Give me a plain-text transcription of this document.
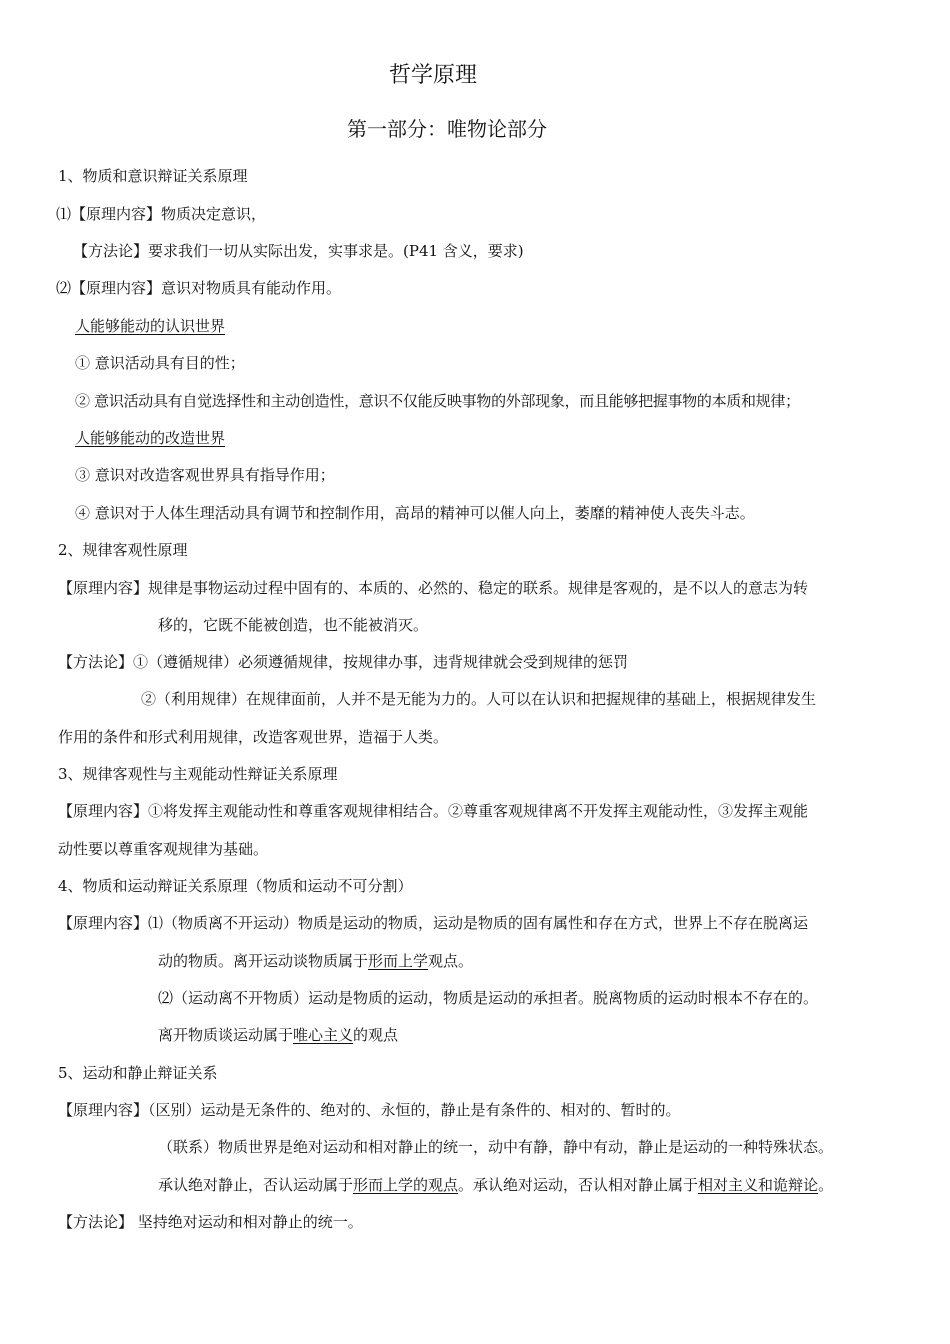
哲学原理
第一部分：唯物论部分
1、物质和意识辩证关系原理
⑴【原理内容】物质决定意识，
【方法论】要求我们一切从实际出发，实事求是。(P41 含义，要求)
⑵【原理内容】意识对物质具有能动作用。
人能够能动的认识世界
① 意识活动具有目的性；
② 意识活动具有自觉选择性和主动创造性，意识不仅能反映事物的外部现象，而且能够把握事物的本质和规律；
人能够能动的改造世界
③ 意识对改造客观世界具有指导作用；
④ 意识对于人体生理活动具有调节和控制作用，高昂的精神可以催人向上，萎靡的精神使人丧失斗志。
2、规律客观性原理
【原理内容】规律是事物运动过程中固有的、本质的、必然的、稳定的联系。规律是客观的，是不以人的意志为转
移的，它既不能被创造，也不能被消灭。
【方法论】①（遵循规律）必须遵循规律，按规律办事，违背规律就会受到规律的惩罚
②（利用规律）在规律面前，人并不是无能为力的。人可以在认识和把握规律的基础上，根据规律发生
作用的条件和形式利用规律，改造客观世界，造福于人类。
3、规律客观性与主观能动性辩证关系原理
【原理内容】①将发挥主观能动性和尊重客观规律相结合。②尊重客观规律离不开发挥主观能动性，③发挥主观能
动性要以尊重客观规律为基础。
4、物质和运动辩证关系原理（物质和运动不可分割）
【原理内容】⑴（物质离不开运动）物质是运动的物质，运动是物质的固有属性和存在方式，世界上不存在脱离运
动的物质。离开运动谈物质属于形而上学观点。
⑵（运动离不开物质）运动是物质的运动，物质是运动的承担者。脱离物质的运动时根本不存在的。
离开物质谈运动属于唯心主义的观点
5、运动和静止辩证关系
【原理内容】（区别）运动是无条件的、绝对的、永恒的，静止是有条件的、相对的、暂时的。
（联系）物质世界是绝对运动和相对静止的统一，动中有静，静中有动，静止是运动的一种特殊状态。
承认绝对静止，否认运动属于形而上学的观点。承认绝对运动，否认相对静止属于相对主义和诡辩论。
【方法论】 坚持绝对运动和相对静止的统一。
